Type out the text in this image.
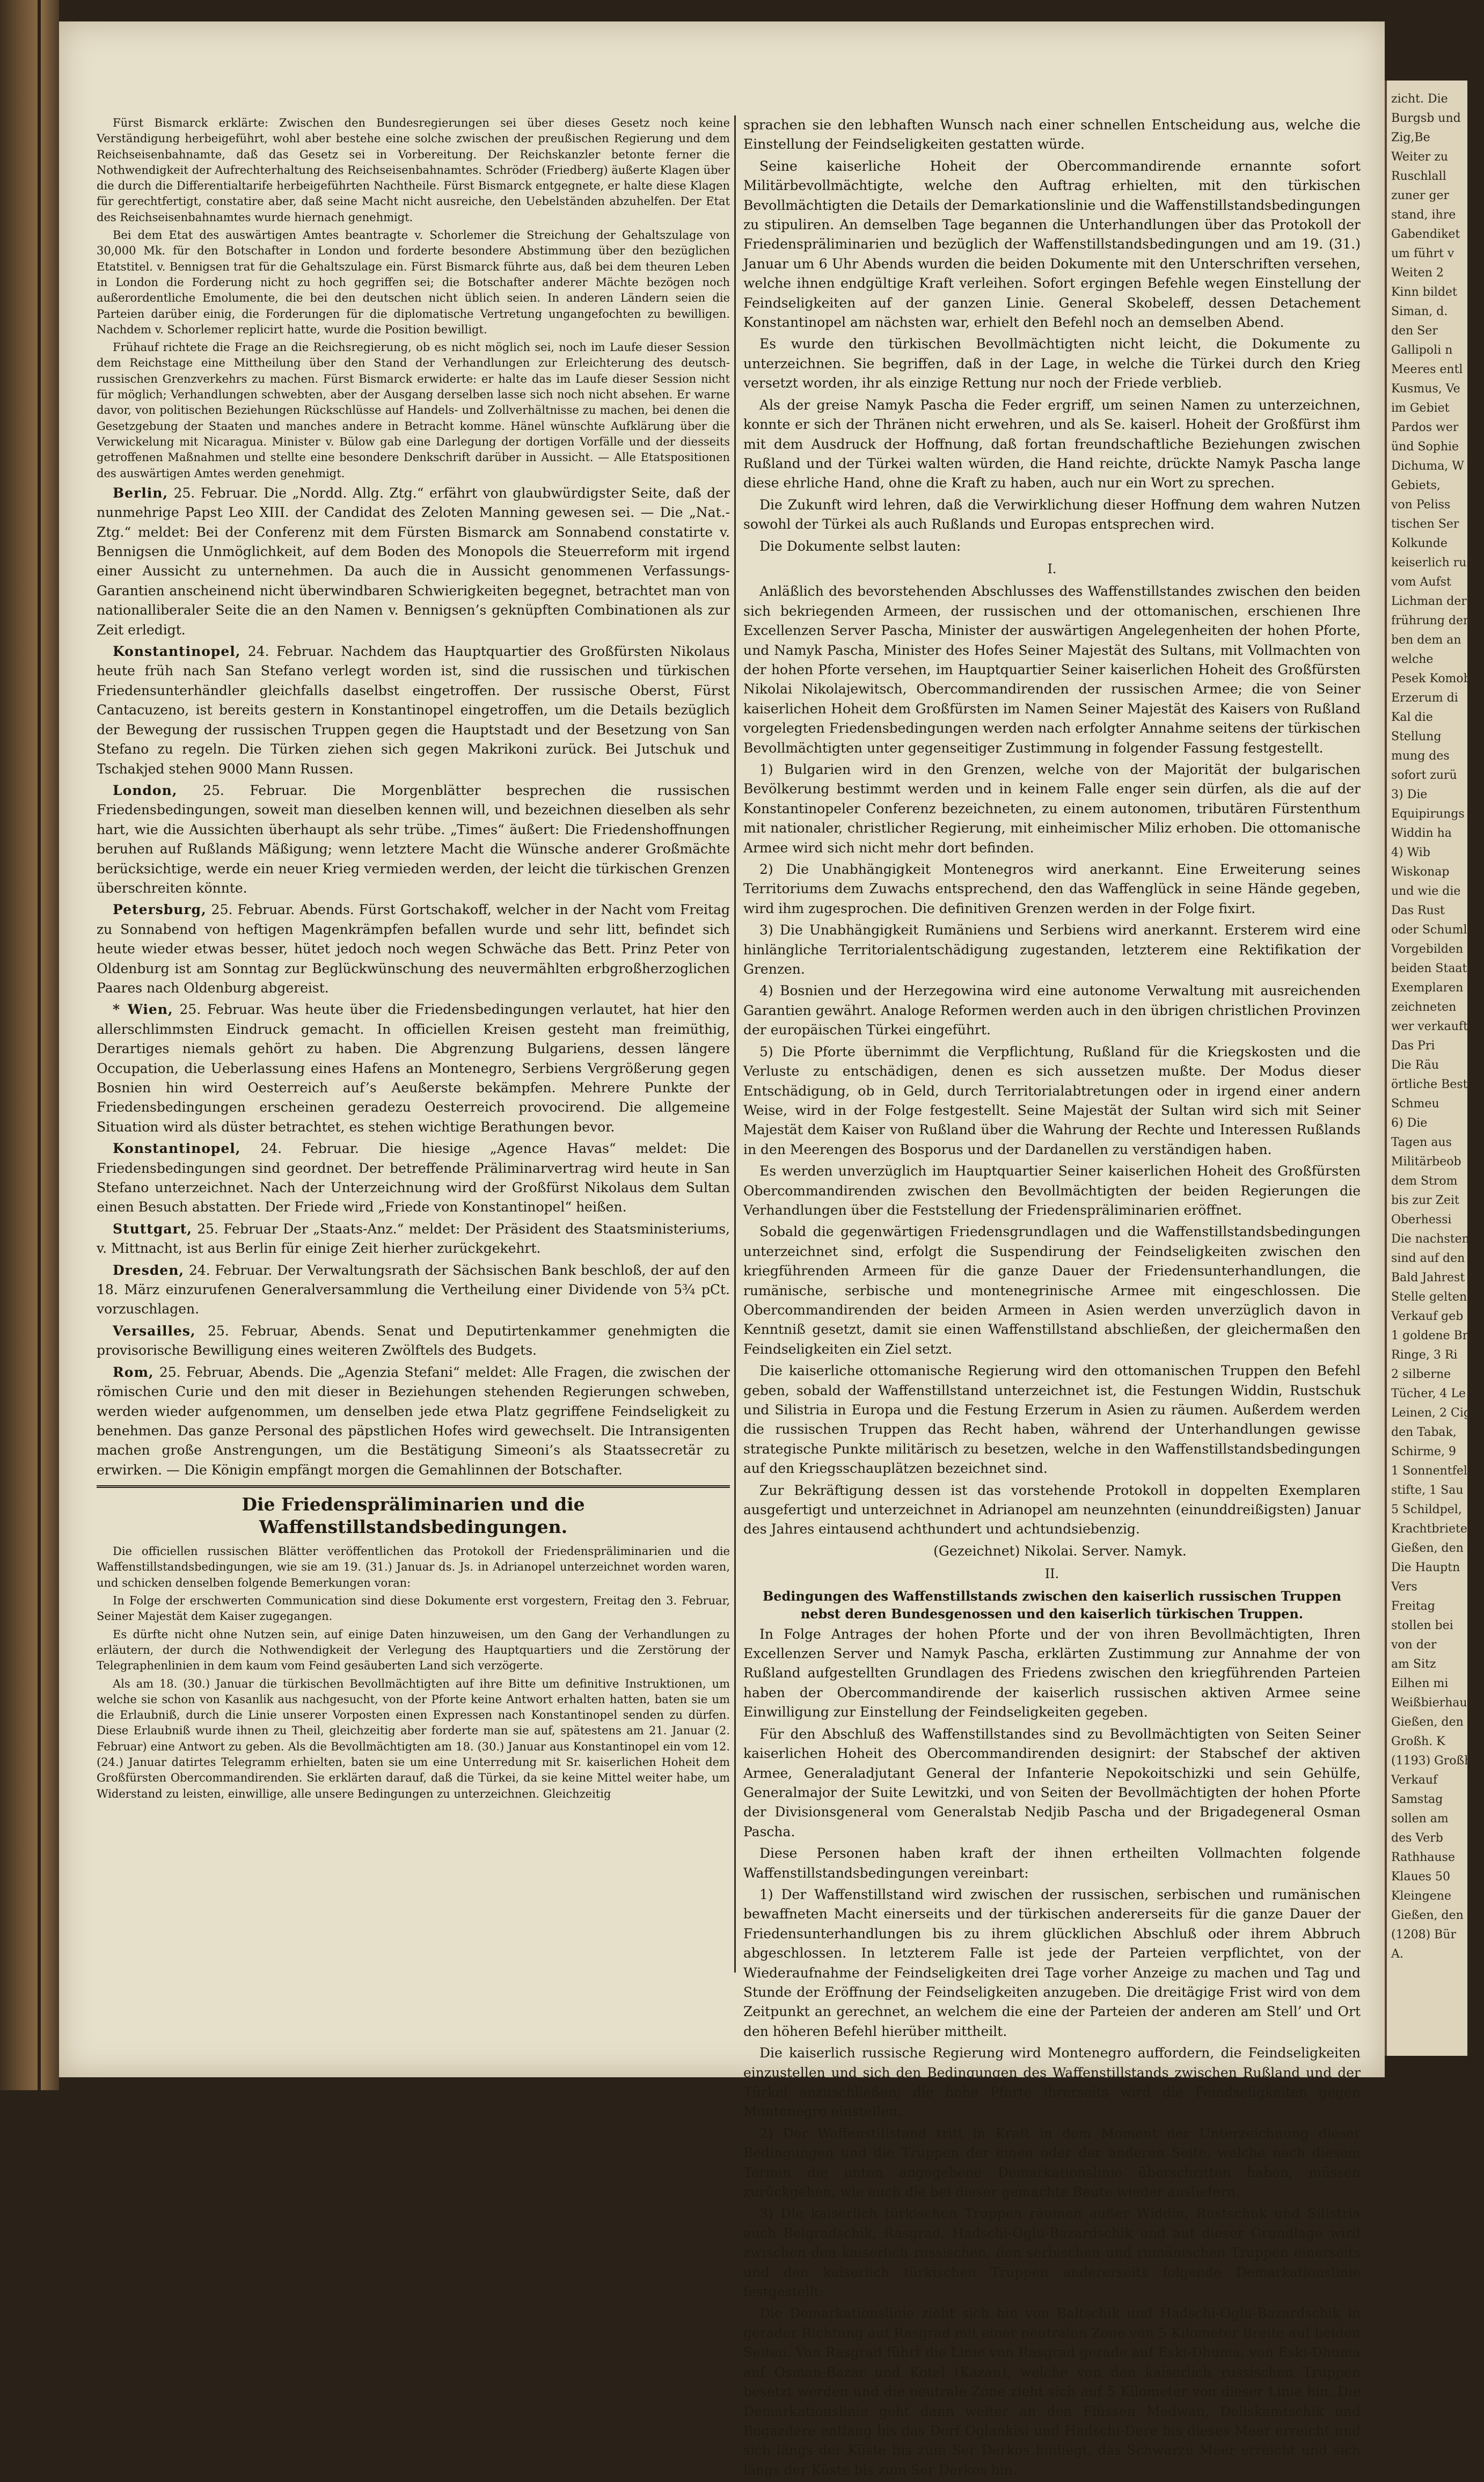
Fürst Bismarck erklärte: Zwischen den Bundesregierungen sei über dieses Gesetz noch keine Verständigung herbeigeführt, wohl aber bestehe eine solche zwischen der preußischen Regierung und dem Reichseisenbahnamte, daß das Gesetz sei in Vorbereitung. Der Reichskanzler betonte ferner die Nothwendigkeit der Aufrechterhaltung des Reichseisenbahnamtes. Schröder (Friedberg) äußerte Klagen über die durch die Differentialtarife herbeigeführten Nachtheile. Fürst Bismarck entgegnete, er halte diese Klagen für gerechtfertigt, constatire aber, daß seine Macht nicht ausreiche, den Uebelständen abzuhelfen. Der Etat des Reichseisenbahnamtes wurde hiernach genehmigt.

Bei dem Etat des auswärtigen Amtes beantragte v. Schorlemer die Streichung der Gehaltszulage von 30,000 Mk. für den Botschafter in London und forderte besondere Abstimmung über den bezüglichen Etatstitel. v. Bennigsen trat für die Gehaltszulage ein. Fürst Bismarck führte aus, daß bei dem theuren Leben in London die Forderung nicht zu hoch gegriffen sei; die Botschafter anderer Mächte bezögen noch außerordentliche Emolumente, die bei den deutschen nicht üblich seien. In anderen Ländern seien die Parteien darüber einig, die Forderungen für die diplomatische Vertretung ungangefochten zu bewilligen. Nachdem v. Schorlemer replicirt hatte, wurde die Position bewilligt.

Frühauf richtete die Frage an die Reichsregierung, ob es nicht möglich sei, noch im Laufe dieser Session dem Reichstage eine Mittheilung über den Stand der Verhandlungen zur Erleichterung des deutsch-russischen Grenzverkehrs zu machen. Fürst Bismarck erwiderte: er halte das im Laufe dieser Session nicht für möglich; Verhandlungen schwebten, aber der Ausgang derselben lasse sich noch nicht absehen. Er warne davor, von politischen Beziehungen Rückschlüsse auf Handels- und Zollverhältnisse zu machen, bei denen die Gesetzgebung der Staaten und manches andere in Betracht komme. Hänel wünschte Aufklärung über die Verwickelung mit Nicaragua. Minister v. Bülow gab eine Darlegung der dortigen Vorfälle und der diesseits getroffenen Maßnahmen und stellte eine besondere Denkschrift darüber in Aussicht. — Alle Etatspositionen des auswärtigen Amtes werden genehmigt.

Berlin, 25. Februar. Die „Nordd. Allg. Ztg.“ erfährt von glaubwürdigster Seite, daß der nunmehrige Papst Leo XIII. der Candidat des Zeloten Manning gewesen sei. — Die „Nat.-Ztg.“ meldet: Bei der Conferenz mit dem Fürsten Bismarck am Sonnabend constatirte v. Bennigsen die Unmöglichkeit, auf dem Boden des Monopols die Steuerreform mit irgend einer Aussicht zu unternehmen. Da auch die in Aussicht genommenen Verfassungs-Garantien anscheinend nicht überwindbaren Schwierigkeiten begegnet, betrachtet man von nationalliberaler Seite die an den Namen v. Bennigsen’s geknüpften Combinationen als zur Zeit erledigt.

Konstantinopel, 24. Februar. Nachdem das Hauptquartier des Großfürsten Nikolaus heute früh nach San Stefano verlegt worden ist, sind die russischen und türkischen Friedensunterhändler gleichfalls daselbst eingetroffen. Der russische Oberst, Fürst Cantacuzeno, ist bereits gestern in Konstantinopel eingetroffen, um die Details bezüglich der Bewegung der russischen Truppen gegen die Hauptstadt und der Besetzung von San Stefano zu regeln. Die Türken ziehen sich gegen Makrikoni zurück. Bei Jutschuk und Tschakjed stehen 9000 Mann Russen.

London, 25. Februar. Die Morgenblätter besprechen die russischen Friedensbedingungen, soweit man dieselben kennen will, und bezeichnen dieselben als sehr hart, wie die Aussichten überhaupt als sehr trübe. „Times“ äußert: Die Friedenshoffnungen beruhen auf Rußlands Mäßigung; wenn letztere Macht die Wünsche anderer Großmächte berücksichtige, werde ein neuer Krieg vermieden werden, der leicht die türkischen Grenzen überschreiten könnte.

Petersburg, 25. Februar. Abends. Fürst Gortschakoff, welcher in der Nacht vom Freitag zu Sonnabend von heftigen Magenkrämpfen befallen wurde und sehr litt, befindet sich heute wieder etwas besser, hütet jedoch noch wegen Schwäche das Bett. Prinz Peter von Oldenburg ist am Sonntag zur Beglückwünschung des neuvermählten erbgroßherzoglichen Paares nach Oldenburg abgereist.

* Wien, 25. Februar. Was heute über die Friedensbedingungen verlautet, hat hier den allerschlimmsten Eindruck gemacht. In officiellen Kreisen gesteht man freimüthig, Derartiges niemals gehört zu haben. Die Abgrenzung Bulgariens, dessen längere Occupation, die Ueberlassung eines Hafens an Montenegro, Serbiens Vergrößerung gegen Bosnien hin wird Oesterreich auf’s Aeußerste bekämpfen. Mehrere Punkte der Friedensbedingungen erscheinen geradezu Oesterreich provocirend. Die allgemeine Situation wird als düster betrachtet, es stehen wichtige Berathungen bevor.

Konstantinopel, 24. Februar. Die hiesige „Agence Havas“ meldet: Die Friedensbedingungen sind geordnet. Der betreffende Präliminarvertrag wird heute in San Stefano unterzeichnet. Nach der Unterzeichnung wird der Großfürst Nikolaus dem Sultan einen Besuch abstatten. Der Friede wird „Friede von Konstantinopel“ heißen.

Stuttgart, 25. Februar Der „Staats-Anz.“ meldet: Der Präsident des Staatsministeriums, v. Mittnacht, ist aus Berlin für einige Zeit hierher zurückgekehrt.

Dresden, 24. Februar. Der Verwaltungsrath der Sächsischen Bank beschloß, der auf den 18. März einzurufenen Generalversammlung die Vertheilung einer Dividende von 5¾ pCt. vorzuschlagen.

Versailles, 25. Februar, Abends. Senat und Deputirtenkammer genehmigten die provisorische Bewilligung eines weiteren Zwölftels des Budgets.

Rom, 25. Februar, Abends. Die „Agenzia Stefani“ meldet: Alle Fragen, die zwischen der römischen Curie und den mit dieser in Beziehungen stehenden Regierungen schweben, werden wieder aufgenommen, um denselben jede etwa Platz gegriffene Feindseligkeit zu benehmen. Das ganze Personal des päpstlichen Hofes wird gewechselt. Die Intransigenten machen große Anstrengungen, um die Bestätigung Simeoni’s als Staatssecretär zu erwirken. — Die Königin empfängt morgen die Gemahlinnen der Botschafter.

Die Friedenspräliminarien und die Waffenstillstandsbedingungen.

Die officiellen russischen Blätter veröffentlichen das Protokoll der Friedenspräliminarien und die Waffenstillstandsbedingungen, wie sie am 19. (31.) Januar ds. Js. in Adrianopel unterzeichnet worden waren, und schicken denselben folgende Bemerkungen voran:

In Folge der erschwerten Communication sind diese Dokumente erst vorgestern, Freitag den 3. Februar, Seiner Majestät dem Kaiser zugegangen.

Es dürfte nicht ohne Nutzen sein, auf einige Daten hinzuweisen, um den Gang der Verhandlungen zu erläutern, der durch die Nothwendigkeit der Verlegung des Hauptquartiers und die Zerstörung der Telegraphenlinien in dem kaum vom Feind gesäuberten Land sich verzögerte.

Als am 18. (30.) Januar die türkischen Bevollmächtigten auf ihre Bitte um definitive Instruktionen, um welche sie schon von Kasanlik aus nachgesucht, von der Pforte keine Antwort erhalten hatten, baten sie um die Erlaubniß, durch die Linie unserer Vorposten einen Expressen nach Konstantinopel senden zu dürfen. Diese Erlaubniß wurde ihnen zu Theil, gleichzeitig aber forderte man sie auf, spätestens am 21. Januar (2. Februar) eine Antwort zu geben. Als die Bevollmächtigten am 18. (30.) Januar aus Konstantinopel ein vom 12. (24.) Januar datirtes Telegramm erhielten, baten sie um eine Unterredung mit Sr. kaiserlichen Hoheit dem Großfürsten Obercommandirenden. Sie erklärten darauf, daß die Türkei, da sie keine Mittel weiter habe, um Widerstand zu leisten, einwillige, alle unsere Bedingungen zu unterzeichnen. Gleichzeitig

sprachen sie den lebhaften Wunsch nach einer schnellen Entscheidung aus, welche die Einstellung der Feindseligkeiten gestatten würde.

Seine kaiserliche Hoheit der Obercommandirende ernannte sofort Militärbevollmächtigte, welche den Auftrag erhielten, mit den türkischen Bevollmächtigten die Details der Demarkationslinie und die Waffenstillstandsbedingungen zu stipuliren. An demselben Tage begannen die Unterhandlungen über das Protokoll der Friedenspräliminarien und bezüglich der Waffenstillstandsbedingungen und am 19. (31.) Januar um 6 Uhr Abends wurden die beiden Dokumente mit den Unterschriften versehen, welche ihnen endgültige Kraft verleihen. Sofort ergingen Befehle wegen Einstellung der Feindseligkeiten auf der ganzen Linie. General Skobeleff, dessen Detachement Konstantinopel am nächsten war, erhielt den Befehl noch an demselben Abend.

Es wurde den türkischen Bevollmächtigten nicht leicht, die Dokumente zu unterzeichnen. Sie begriffen, daß in der Lage, in welche die Türkei durch den Krieg versetzt worden, ihr als einzige Rettung nur noch der Friede verblieb.

Als der greise Namyk Pascha die Feder ergriff, um seinen Namen zu unterzeichnen, konnte er sich der Thränen nicht erwehren, und als Se. kaiserl. Hoheit der Großfürst ihm mit dem Ausdruck der Hoffnung, daß fortan freundschaftliche Beziehungen zwischen Rußland und der Türkei walten würden, die Hand reichte, drückte Namyk Pascha lange diese ehrliche Hand, ohne die Kraft zu haben, auch nur ein Wort zu sprechen.

Die Zukunft wird lehren, daß die Verwirklichung dieser Hoffnung dem wahren Nutzen sowohl der Türkei als auch Rußlands und Europas entsprechen wird.

Die Dokumente selbst lauten:

I.

Anläßlich des bevorstehenden Abschlusses des Waffenstillstandes zwischen den beiden sich bekriegenden Armeen, der russischen und der ottomanischen, erschienen Ihre Excellenzen Server Pascha, Minister der auswärtigen Angelegenheiten der hohen Pforte, und Namyk Pascha, Minister des Hofes Seiner Majestät des Sultans, mit Vollmachten von der hohen Pforte versehen, im Hauptquartier Seiner kaiserlichen Hoheit des Großfürsten Nikolai Nikolajewitsch, Obercommandirenden der russischen Armee; die von Seiner kaiserlichen Hoheit dem Großfürsten im Namen Seiner Majestät des Kaisers von Rußland vorgelegten Friedensbedingungen werden nach erfolgter Annahme seitens der türkischen Bevollmächtigten unter gegenseitiger Zustimmung in folgender Fassung festgestellt.

1) Bulgarien wird in den Grenzen, welche von der Majorität der bulgarischen Bevölkerung bestimmt werden und in keinem Falle enger sein dürfen, als die auf der Konstantinopeler Conferenz bezeichneten, zu einem autonomen, tributären Fürstenthum mit nationaler, christlicher Regierung, mit einheimischer Miliz erhoben. Die ottomanische Armee wird sich nicht mehr dort befinden.

2) Die Unabhängigkeit Montenegros wird anerkannt. Eine Erweiterung seines Territoriums dem Zuwachs entsprechend, den das Waffenglück in seine Hände gegeben, wird ihm zugesprochen. Die definitiven Grenzen werden in der Folge fixirt.

3) Die Unabhängigkeit Rumäniens und Serbiens wird anerkannt. Ersterem wird eine hinlängliche Territorialentschädigung zugestanden, letzterem eine Rektifikation der Grenzen.

4) Bosnien und der Herzegowina wird eine autonome Verwaltung mit ausreichenden Garantien gewährt. Analoge Reformen werden auch in den übrigen christlichen Provinzen der europäischen Türkei eingeführt.

5) Die Pforte übernimmt die Verpflichtung, Rußland für die Kriegskosten und die Verluste zu entschädigen, denen es sich aussetzen mußte. Der Modus dieser Entschädigung, ob in Geld, durch Territorialabtretungen oder in irgend einer andern Weise, wird in der Folge festgestellt. Seine Majestät der Sultan wird sich mit Seiner Majestät dem Kaiser von Rußland über die Wahrung der Rechte und Interessen Rußlands in den Meerengen des Bosporus und der Dardanellen zu verständigen haben.

Es werden unverzüglich im Hauptquartier Seiner kaiserlichen Hoheit des Großfürsten Obercommandirenden zwischen den Bevollmächtigten der beiden Regierungen die Verhandlungen über die Feststellung der Friedenspräliminarien eröffnet.

Sobald die gegenwärtigen Friedensgrundlagen und die Waffenstillstandsbedingungen unterzeichnet sind, erfolgt die Suspendirung der Feindseligkeiten zwischen den kriegführenden Armeen für die ganze Dauer der Friedensunterhandlungen, die rumänische, serbische und montenegrinische Armee mit eingeschlossen. Die Obercommandirenden der beiden Armeen in Asien werden unverzüglich davon in Kenntniß gesetzt, damit sie einen Waffenstillstand abschließen, der gleichermaßen den Feindseligkeiten ein Ziel setzt.

Die kaiserliche ottomanische Regierung wird den ottomanischen Truppen den Befehl geben, sobald der Waffenstillstand unterzeichnet ist, die Festungen Widdin, Rustschuk und Silistria in Europa und die Festung Erzerum in Asien zu räumen. Außerdem werden die russischen Truppen das Recht haben, während der Unterhandlungen gewisse strategische Punkte militärisch zu besetzen, welche in den Waffenstillstandsbedingungen auf den Kriegsschauplätzen bezeichnet sind.

Zur Bekräftigung dessen ist das vorstehende Protokoll in doppelten Exemplaren ausgefertigt und unterzeichnet in Adrianopel am neunzehnten (einunddreißigsten) Januar des Jahres eintausend achthundert und achtundsiebenzig.

(Gezeichnet) Nikolai. Server. Namyk.

II.
Bedingungen des Waffenstillstands zwischen den kaiserlich russischen Truppen nebst deren Bundesgenossen und den kaiserlich türkischen Truppen.

In Folge Antrages der hohen Pforte und der von ihren Bevollmächtigten, Ihren Excellenzen Server und Namyk Pascha, erklärten Zustimmung zur Annahme der von Rußland aufgestellten Grundlagen des Friedens zwischen den kriegführenden Parteien haben der Obercommandirende der kaiserlich russischen aktiven Armee seine Einwilligung zur Einstellung der Feindseligkeiten gegeben.

Für den Abschluß des Waffenstillstandes sind zu Bevollmächtigten von Seiten Seiner kaiserlichen Hoheit des Obercommandirenden designirt: der Stabschef der aktiven Armee, Generaladjutant General der Infanterie Nepokoitschizki und sein Gehülfe, Generalmajor der Suite Lewitzki, und von Seiten der Bevollmächtigten der hohen Pforte der Divisionsgeneral vom Generalstab Nedjib Pascha und der Brigadegeneral Osman Pascha.

Diese Personen haben kraft der ihnen ertheilten Vollmachten folgende Waffenstillstandsbedingungen vereinbart:

1) Der Waffenstillstand wird zwischen der russischen, serbischen und rumänischen bewaffneten Macht einerseits und der türkischen andererseits für die ganze Dauer der Friedensunterhandlungen bis zu ihrem glücklichen Abschluß oder ihrem Abbruch abgeschlossen. In letzterem Falle ist jede der Parteien verpflichtet, von der Wiederaufnahme der Feindseligkeiten drei Tage vorher Anzeige zu machen und Tag und Stunde der Eröffnung der Feindseligkeiten anzugeben. Die dreitägige Frist wird von dem Zeitpunkt an gerechnet, an welchem die eine der Parteien der anderen am Stell’ und Ort den höheren Befehl hierüber mittheilt.

Die kaiserlich russische Regierung wird Montenegro auffordern, die Feindseligkeiten einzustellen und sich den Bedingungen des Waffenstillstands zwischen Rußland und der Türkei anzuschließen; die hohe Pforte ihrerseits wird die Feindseligkeiten gegen Montenegro einstellen.

2) Der Waffenstillstand tritt in Kraft in dem Moment der Unterzeichnung dieser Bedingungen und die Truppen der einen oder der anderen Seite, welche nach diesem Termin die unten angegebene Demarkationslinie überschritten haben, müssen zurückgehen, wie auch die bei dieser gemachte Beute wieder ausliefern.

3) Die kaiserlich türkischen Truppen räumen außer Widdin, Rustschuk und Silistria auch Belgradschik, Rasgrad, Hadschi-Oglu-Bazardschik und auf dieser Grundlage wird zwischen den kaiserlich russischen, den serbischen und rumänischen Truppen einerseits und den kaiserlich türkischen Truppen andererseits folgende Demarkationslinie festgestellt:

Die Demarkationslinie zieht sich hin von Baltschik und Hadschi-Oglu-Bazardschik in gerader Richtung auf Rasgrad mit einer neutralen Zone von 5 Kilometer Breite auf beiden Seiten. Von Rasgrad führt die Linie von Rasgrad gerade auf Eski-Dhuma, von Eski-Dhuma auf Osman-Bazar und Kotel (Kazan), welche von den kaiserlich russischen Truppen besetzt werden und die neutrale Zone zieht sich auf 5 Kilometer von dieser Linie hin. Die Demarkationslinie geht dann weiter an den Flüssen Medwan, Deliskamtschik und Bogazdere entlang bis das Dorf Oglankisi und Hadschi-Dere bis dieses Meer erreicht und sich längs der Küste bis zum Ser Derkos hinliegt, das Schwarze Meer erreicht und sich längs der Küste bis zum Ser Derkos hin.

zicht. Die
Burgsb und
Zig,Be
Weiter zu
Ruschlall
zuner ger
stand, ihre
Gabendiket
um führt v
Weiten 2
Kinn bildet
Siman, d.
den Ser
Gallipoli n
Meeres entl
Kusmus, Ve
im Gebiet
Pardos wer
ünd Sophie
Dichuma, W
Gebiets,
von Peliss
tischen Ser
Kolkunde
keiserlich rus
vom Aufst
Lichman der
frührung den
ben dem an
welche
Pesek Komoba
Erzerum di
Kal die
Stellung
mung des
sofort zurü
3) Die
Equipirungs
Widdin ha
4) Wib
Wiskonap
und wie die
Das Rust
oder Schumla
Vorgebilden
beiden Staate
Exemplaren
zeichneten
wer verkauft
Das Pri
Die Räu
örtliche Bestä
Schmeu
6) Die
Tagen aus
Militärbeob
dem Strom
bis zur Zeit
Oberhessi
Die nachsten
sind auf den
Bald Jahrest
Stelle gelten
Verkauf geb
1 goldene Br
Ringe, 3 Ri
2 silberne
Tücher, 4 Le
Leinen, 2 Cigar
den Tabak,
Schirme, 9
1 Sonnentfel
stifte, 1 Sau
5 Schildpel,
Krachtbriete
Gießen, den
Die Hauptn
Vers
Freitag
stollen bei
von der
am Sitz
Eilhen mi
Weißbierhaus
Gießen, den
Großh. K
(1193) Großh.
Verkauf
Samstag
sollen am
des Verb
Rathhause
Klaues 50
Kleingene
Gießen, den
(1208) Bür
A.
